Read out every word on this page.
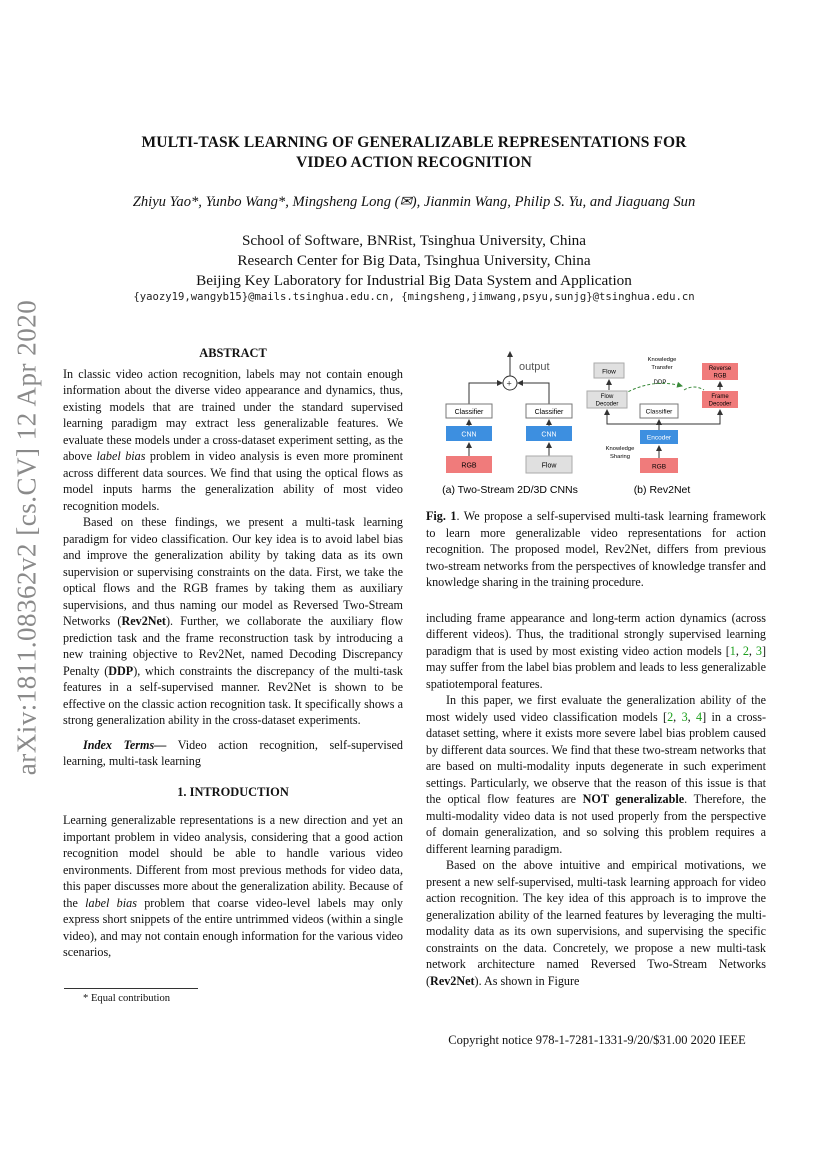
MULTI-TASK LEARNING OF GENERALIZABLE REPRESENTATIONS FOR
VIDEO ACTION RECOGNITION
Zhiyu Yao*, Yunbo Wang*, Mingsheng Long (✉), Jianmin Wang, Philip S. Yu, and Jiaguang Sun
School of Software, BNRist, Tsinghua University, China
Research Center for Big Data, Tsinghua University, China
Beijing Key Laboratory for Industrial Big Data System and Application
{yaozy19,wangyb15}@mails.tsinghua.edu.cn, {mingsheng,jimwang,psyu,sunjg}@tsinghua.edu.cn
arXiv:1811.08362v2 [cs.CV] 12 Apr 2020	ABSTRACT

In classic video action recognition, labels may not contain enough information about the diverse video appearance and dynamics, thus, existing models that are trained under the standard supervised learning paradigm may extract less generalizable features. We evaluate these models under a cross-dataset experiment setting, as the above label bias problem in video analysis is even more prominent across different data sources. We find that using the optical flows as model inputs harms the generalization ability of most video recognition models.

Based on these findings, we present a multi-task learning paradigm for video classification. Our key idea is to avoid label bias and improve the generalization ability by taking data as its own supervision or supervising constraints on the data. First, we take the optical flows and the RGB frames by taking them as auxiliary supervisions, and thus naming our model as Reversed Two-Stream Networks (Rev2Net). Further, we collaborate the auxiliary flow prediction task and the frame reconstruction task by introducing a new training objective to Rev2Net, named Decoding Discrepancy Penalty (DDP), which constraints the discrepancy of the multi-task features in a self-supervised manner. Rev2Net is shown to be effective on the classic action recognition task. It specifically shows a strong generalization ability in the cross-dataset experiments.

Index Terms— Video action recognition, self-supervised learning, multi-task learning

1. INTRODUCTION

Learning generalizable representations is a new direction and yet an important problem in video analysis, considering that a good action recognition model should be able to handle various video environments. Different from most previous methods for video data, this paper discusses more about the generalization ability. Because of the label bias problem that coarse video-level labels may only express short snippets of the entire untrimmed videos (within a single video), and may not contain enough information for the various video scenarios,

* Equal contribution
output
+
Classifier	Classifier
CNN	CNN
RGB	Flow
Flow
Knowledge
Transfer	Reverse
RGB
DDP
Flow
Decoder
Classifier
Frame
Decoder
Encoder
Knowledge
Sharing
RGB
(a) Two-Stream 2D/3D CNNs	(b) Rev2Net

Fig. 1. We propose a self-supervised multi-task learning framework to learn more generalizable video representations for action recognition. The proposed model, Rev2Net, differs from previous two-stream networks from the perspectives of knowledge transfer and knowledge sharing in the training procedure.

including frame appearance and long-term action dynamics (across different videos). Thus, the traditional strongly supervised learning paradigm that is used by most existing video action models [1, 2, 3] may suffer from the label bias problem and leads to less generalizable spatiotemporal features.

In this paper, we first evaluate the generalization ability of the most widely used video classification models [2, 3, 4] in a cross-dataset setting, where it exists more severe label bias problem caused by different data sources. We find that these two-stream networks that are based on multi-modality inputs degenerate in such experiment settings. Particularly, we observe that the reason of this issue is that the optical flow features are NOT generalizable. Therefore, the multi-modality video data is not used properly from the perspective of domain generalization, and so solving this problem requires a different learning paradigm.

Based on the above intuitive and empirical motivations, we present a new self-supervised, multi-task learning approach for video action recognition. The key idea of this approach is to improve the generalization ability of the learned features by leveraging the multi-modality data as its own supervisions, and supervising the specific constraints on the data. Concretely, we propose a new multi-task network architecture named Reversed Two-Stream Networks (Rev2Net). As shown in Figure

Copyright notice 978-1-7281-1331-9/20/$31.00 2020 IEEE
